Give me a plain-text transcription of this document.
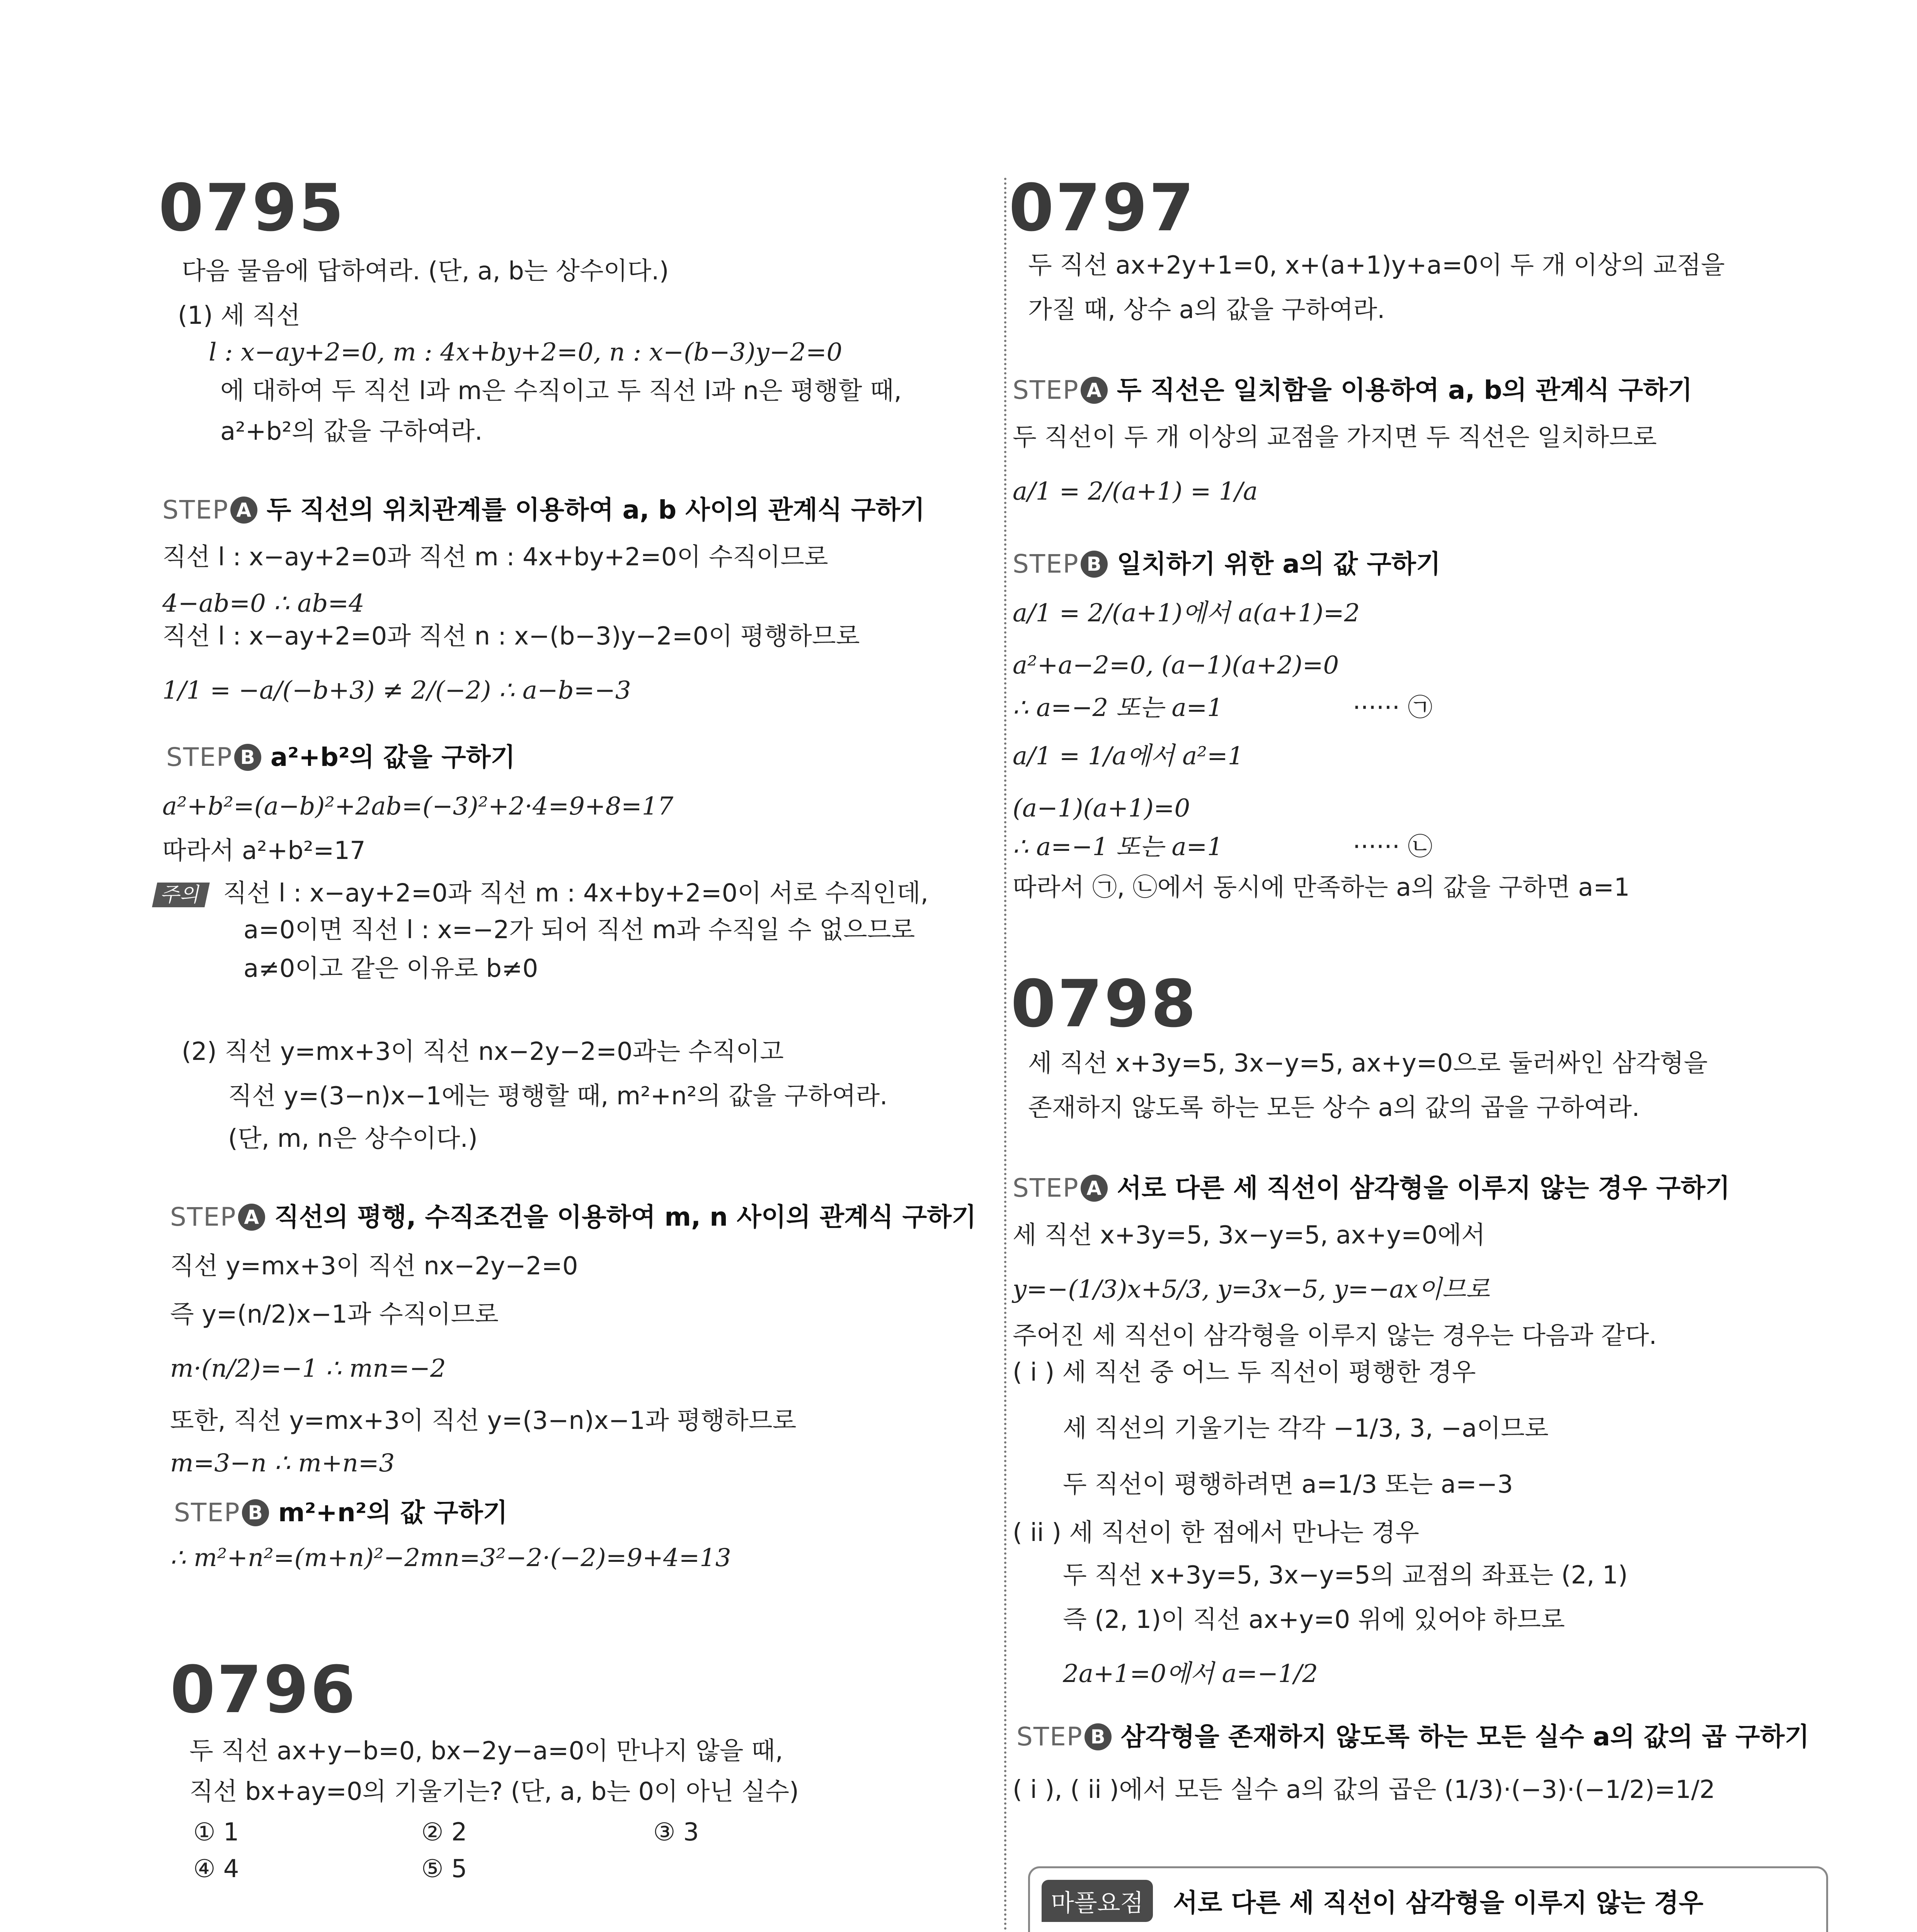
0795
다음 물음에 답하여라. (단, a, b는 상수이다.)
(1) 세 직선
l : x−ay+2=0, m : 4x+by+2=0, n : x−(b−3)y−2=0
에 대하여 두 직선 l과 m은 수직이고 두 직선 l과 n은 평행할 때,
a²+b²의 값을 구하여라.
STEP A 두 직선의 위치관계를 이용하여 a, b 사이의 관계식 구하기
직선 l : x−ay+2=0과 직선 m : 4x+by+2=0이 수직이므로
4−ab=0 ∴ ab=4
직선 l : x−ay+2=0과 직선 n : x−(b−3)y−2=0이 평행하므로
1/1 = −a/(−b+3) ≠ 2/(−2) ∴ a−b=−3
STEP B a²+b²의 값을 구하기
a²+b²=(a−b)²+2ab=(−3)²+2·4=9+8=17
따라서 a²+b²=17
주의 직선 l : x−ay+2=0과 직선 m : 4x+by+2=0이 서로 수직인데,
a=0이면 직선 l : x=−2가 되어 직선 m과 수직일 수 없으므로
a≠0이고 같은 이유로 b≠0
(2) 직선 y=mx+3이 직선 nx−2y−2=0과는 수직이고
직선 y=(3−n)x−1에는 평행할 때, m²+n²의 값을 구하여라.
(단, m, n은 상수이다.)
STEP A 직선의 평행, 수직조건을 이용하여 m, n 사이의 관계식 구하기
직선 y=mx+3이 직선 nx−2y−2=0
즉 y=(n/2)x−1과 수직이므로
m·(n/2)=−1 ∴ mn=−2
또한, 직선 y=mx+3이 직선 y=(3−n)x−1과 평행하므로
m=3−n ∴ m+n=3
STEP B m²+n²의 값 구하기
∴ m²+n²=(m+n)²−2mn=3²−2·(−2)=9+4=13
0796
두 직선 ax+y−b=0, bx−2y−a=0이 만나지 않을 때,
직선 bx+ay=0의 기울기는? (단, a, b는 0이 아닌 실수)
① 1	② 2	③ 3
④ 4	⑤ 5
0797
두 직선 ax+2y+1=0, x+(a+1)y+a=0이 두 개 이상의 교점을
가질 때, 상수 a의 값을 구하여라.
STEP A 두 직선은 일치함을 이용하여 a, b의 관계식 구하기
두 직선이 두 개 이상의 교점을 가지면 두 직선은 일치하므로
a/1 = 2/(a+1) = 1/a
STEP B 일치하기 위한 a의 값 구하기
a/1 = 2/(a+1)에서 a(a+1)=2
a²+a−2=0, (a−1)(a+2)=0
∴ a=−2 또는 a=1	······ ㉠
a/1 = 1/a에서 a²=1
(a−1)(a+1)=0
∴ a=−1 또는 a=1	······ ㉡
따라서 ㉠, ㉡에서 동시에 만족하는 a의 값을 구하면 a=1
0798
세 직선 x+3y=5, 3x−y=5, ax+y=0으로 둘러싸인 삼각형을
존재하지 않도록 하는 모든 상수 a의 값의 곱을 구하여라.
STEP A 서로 다른 세 직선이 삼각형을 이루지 않는 경우 구하기
세 직선 x+3y=5, 3x−y=5, ax+y=0에서
y=−(1/3)x+5/3, y=3x−5, y=−ax이므로
주어진 세 직선이 삼각형을 이루지 않는 경우는 다음과 같다.
( i ) 세 직선 중 어느 두 직선이 평행한 경우
세 직선의 기울기는 각각 −1/3, 3, −a이므로
두 직선이 평행하려면 a=1/3 또는 a=−3
( ii ) 세 직선이 한 점에서 만나는 경우
두 직선 x+3y=5, 3x−y=5의 교점의 좌표는 (2, 1)
즉 (2, 1)이 직선 ax+y=0 위에 있어야 하므로
2a+1=0에서 a=−1/2
STEP B 삼각형을 존재하지 않도록 하는 모든 실수 a의 값의 곱 구하기
( i ), ( ii )에서 모든 실수 a의 값의 곱은 (1/3)·(−3)·(−1/2)=1/2
마플요점	서로 다른 세 직선이 삼각형을 이루지 않는 경우
